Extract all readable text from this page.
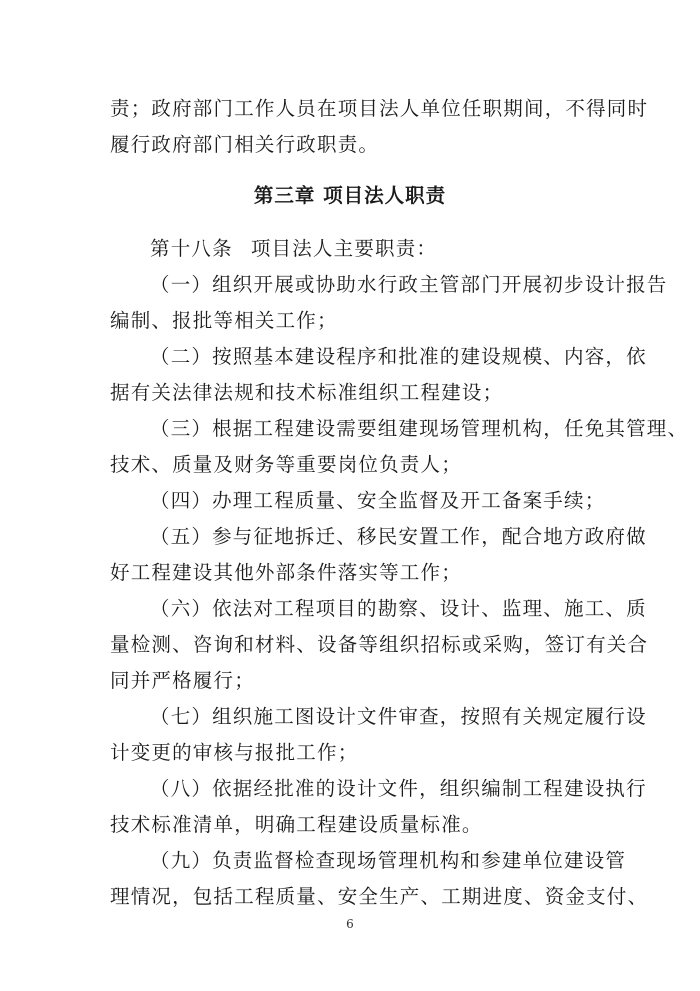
责；政府部门工作人员在项目法人单位任职期间，不得同时
履行政府部门相关行政职责。
第三章 项目法人职责
第十八条 项目法人主要职责：
（一）组织开展或协助水行政主管部门开展初步设计报告
编制、报批等相关工作；
（二）按照基本建设程序和批准的建设规模、内容，依
据有关法律法规和技术标准组织工程建设；
（三）根据工程建设需要组建现场管理机构，任免其管理、
技术、质量及财务等重要岗位负责人；
（四）办理工程质量、安全监督及开工备案手续；
（五）参与征地拆迁、移民安置工作，配合地方政府做
好工程建设其他外部条件落实等工作；
（六）依法对工程项目的勘察、设计、监理、施工、质
量检测、咨询和材料、设备等组织招标或采购，签订有关合
同并严格履行；
（七）组织施工图设计文件审查，按照有关规定履行设
计变更的审核与报批工作；
（八）依据经批准的设计文件，组织编制工程建设执行
技术标准清单，明确工程建设质量标准。
（九）负责监督检查现场管理机构和参建单位建设管
理情况，包括工程质量、安全生产、工期进度、资金支付、
6
